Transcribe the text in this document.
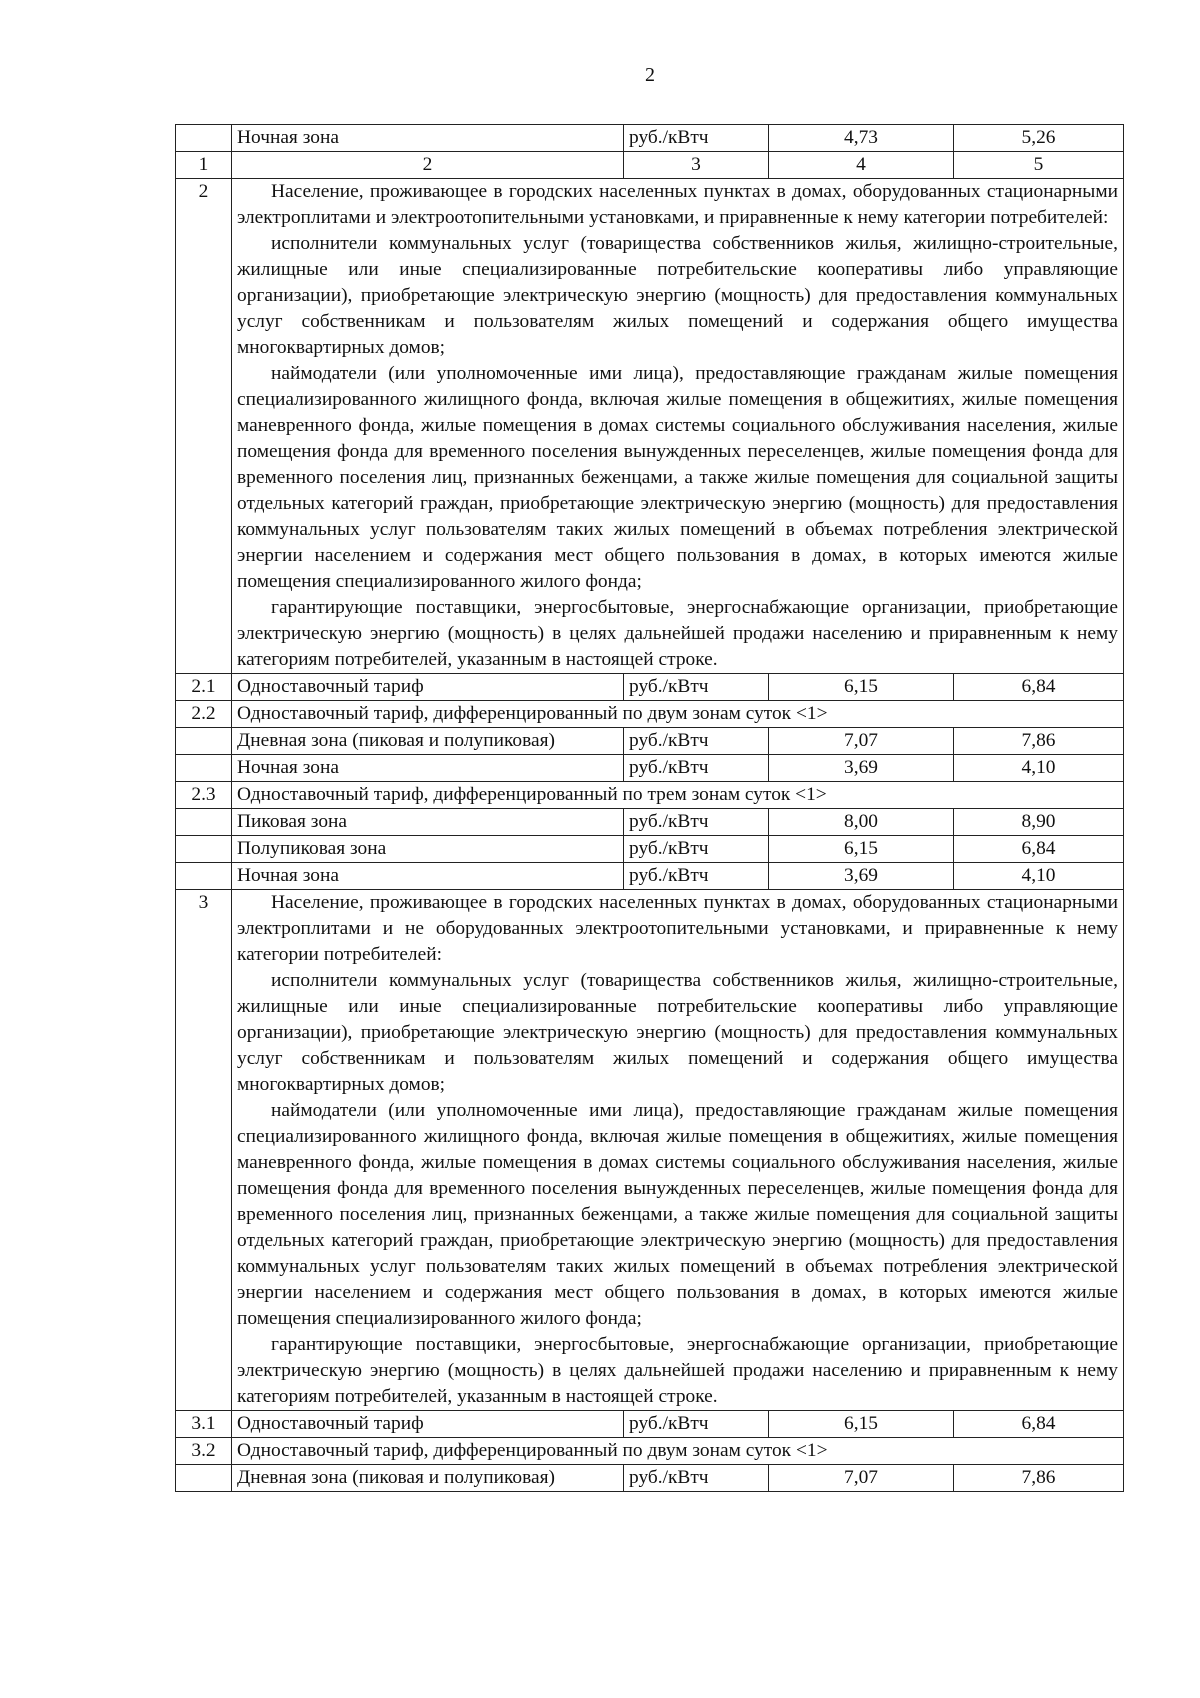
2
	Ночная зона	руб./кВтч	4,73	5,26
1	2	3	4	5
2	Население, проживающее в городских населенных пунктах в домах, оборудованных стационарными электроплитами и электроотопительными установками, и приравненные к нему категории потребителей:

исполнители коммунальных услуг (товарищества собственников жилья, жилищно-строительные, жилищные или иные специализированные потребительские кооперативы либо управляющие организации), приобретающие электрическую энергию (мощность) для предоставления коммунальных услуг собственникам и пользователям жилых помещений и содержания общего имущества многоквартирных домов;

наймодатели (или уполномоченные ими лица), предоставляющие гражданам жилые помещения специализированного жилищного фонда, включая жилые помещения в общежитиях, жилые помещения маневренного фонда, жилые помещения в домах системы социального обслуживания населения, жилые помещения фонда для временного поселения вынужденных переселенцев, жилые помещения фонда для временного поселения лиц, признанных беженцами, а также жилые помещения для социальной защиты отдельных категорий граждан, приобретающие электрическую энергию (мощность) для предоставления коммунальных услуг пользователям таких жилых помещений в объемах потребления электрической энергии населением и содержания мест общего пользования в домах, в которых имеются жилые помещения специализированного жилого фонда;

гарантирующие поставщики, энергосбытовые, энергоснабжающие организации, приобретающие электрическую энергию (мощность) в целях дальнейшей продажи населению и приравненным к нему категориям потребителей, указанным в настоящей строке.			

2.1	Одноставочный тариф	руб./кВтч	6,15	6,84
2.2	Одноставочный тариф, дифференцированный по двум зонам суток <1>			
	Дневная зона (пиковая и полупиковая)	руб./кВтч	7,07	7,86
	Ночная зона	руб./кВтч	3,69	4,10
2.3	Одноставочный тариф, дифференцированный по трем зонам суток <1>			
	Пиковая зона	руб./кВтч	8,00	8,90
	Полупиковая зона	руб./кВтч	6,15	6,84
	Ночная зона	руб./кВтч	3,69	4,10
3	Население, проживающее в городских населенных пунктах в домах, оборудованных стационарными электроплитами и не оборудованных электроотопительными установками, и приравненные к нему категории потребителей:

исполнители коммунальных услуг (товарищества собственников жилья, жилищно-строительные, жилищные или иные специализированные потребительские кооперативы либо управляющие организации), приобретающие электрическую энергию (мощность) для предоставления коммунальных услуг собственникам и пользователям жилых помещений и содержания общего имущества многоквартирных домов;

наймодатели (или уполномоченные ими лица), предоставляющие гражданам жилые помещения специализированного жилищного фонда, включая жилые помещения в общежитиях, жилые помещения маневренного фонда, жилые помещения в домах системы социального обслуживания населения, жилые помещения фонда для временного поселения вынужденных переселенцев, жилые помещения фонда для временного поселения лиц, признанных беженцами, а также жилые помещения для социальной защиты отдельных категорий граждан, приобретающие электрическую энергию (мощность) для предоставления коммунальных услуг пользователям таких жилых помещений в объемах потребления электрической энергии населением и содержания мест общего пользования в домах, в которых имеются жилые помещения специализированного жилого фонда;

гарантирующие поставщики, энергосбытовые, энергоснабжающие организации, приобретающие электрическую энергию (мощность) в целях дальнейшей продажи населению и приравненным к нему категориям потребителей, указанным в настоящей строке.			

3.1	Одноставочный тариф	руб./кВтч	6,15	6,84
3.2	Одноставочный тариф, дифференцированный по двум зонам суток <1>			
	Дневная зона (пиковая и полупиковая)	руб./кВтч	7,07	7,86
